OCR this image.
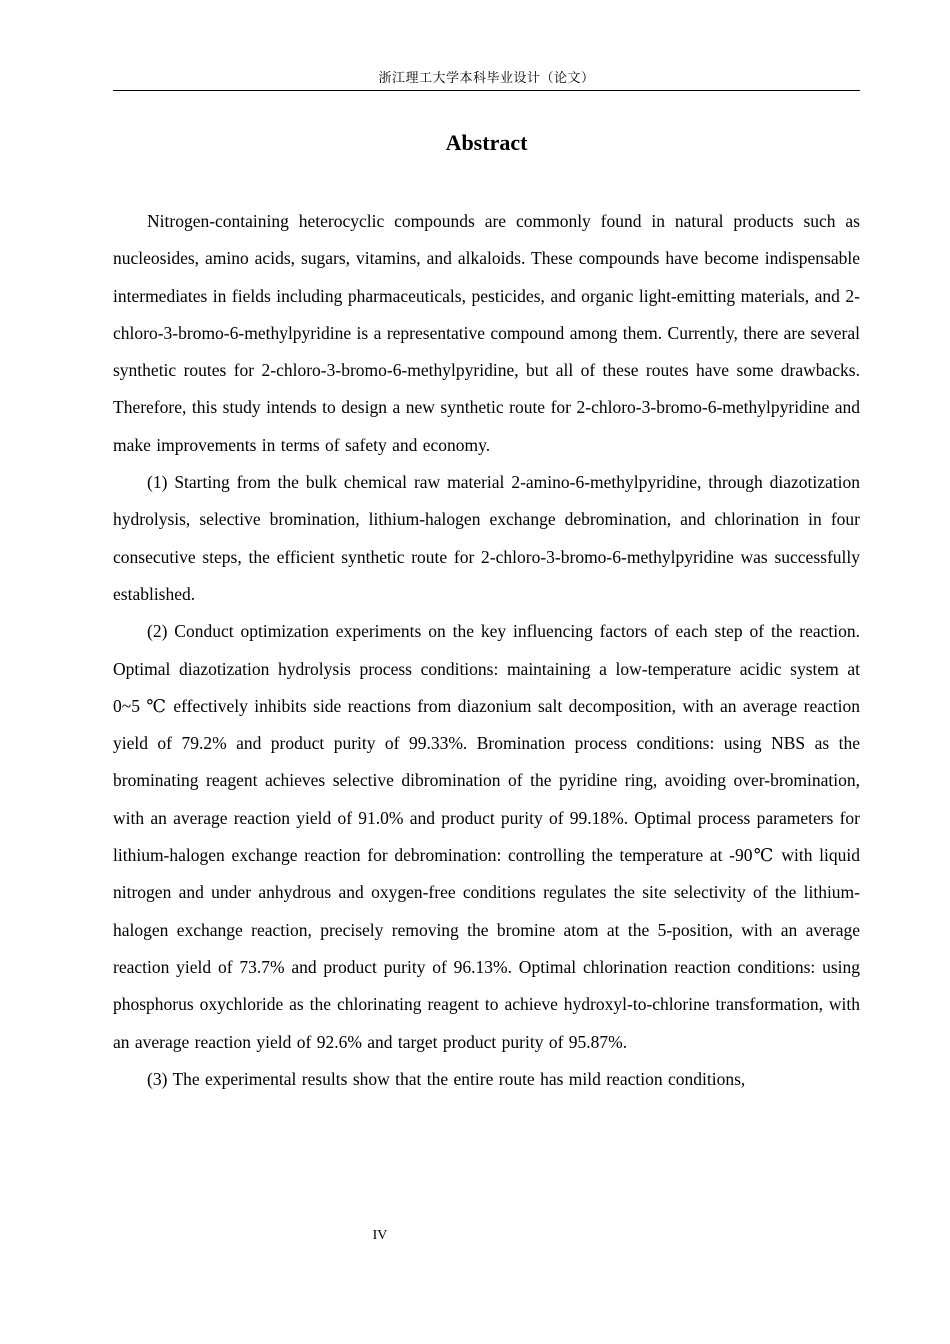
浙江理工大学本科毕业设计（论文）
Abstract

Nitrogen-containing heterocyclic compounds are commonly found in natural products such as nucleosides, amino acids, sugars, vitamins, and alkaloids. These compounds have become indispensable intermediates in fields including pharmaceuticals, pesticides, and organic light-emitting materials, and 2-chloro-3-bromo-6-methylpyridine is a representative compound among them. Currently, there are several synthetic routes for 2-chloro-3-bromo-6-methylpyridine, but all of these routes have some drawbacks. Therefore, this study intends to design a new synthetic route for 2-chloro-3-bromo-6-methylpyridine and make improvements in terms of safety and economy.

(1) Starting from the bulk chemical raw material 2-amino-6-methylpyridine, through diazotization hydrolysis, selective bromination, lithium-halogen exchange debromination, and chlorination in four consecutive steps, the efficient synthetic route for 2-chloro-3-bromo-6-methylpyridine was successfully established.

(2) Conduct optimization experiments on the key influencing factors of each step of the reaction. Optimal diazotization hydrolysis process conditions: maintaining a low-temperature acidic system at 0~5 ℃ effectively inhibits side reactions from diazonium salt decomposition, with an average reaction yield of 79.2% and product purity of 99.33%. Bromination process conditions: using NBS as the brominating reagent achieves selective dibromination of the pyridine ring, avoiding over-bromination, with an average reaction yield of 91.0% and product purity of 99.18%. Optimal process parameters for lithium-halogen exchange reaction for debromination: controlling the temperature at -90℃ with liquid nitrogen and under anhydrous and oxygen-free conditions regulates the site selectivity of the lithium-halogen exchange reaction, precisely removing the bromine atom at the 5-position, with an average reaction yield of 73.7% and product purity of 96.13%. Optimal chlorination reaction conditions: using phosphorus oxychloride as the chlorinating reagent to achieve hydroxyl-to-chlorine transformation, with an average reaction yield of 92.6% and target product purity of 95.87%.

(3) The experimental results show that the entire route has mild reaction conditions,

IV
